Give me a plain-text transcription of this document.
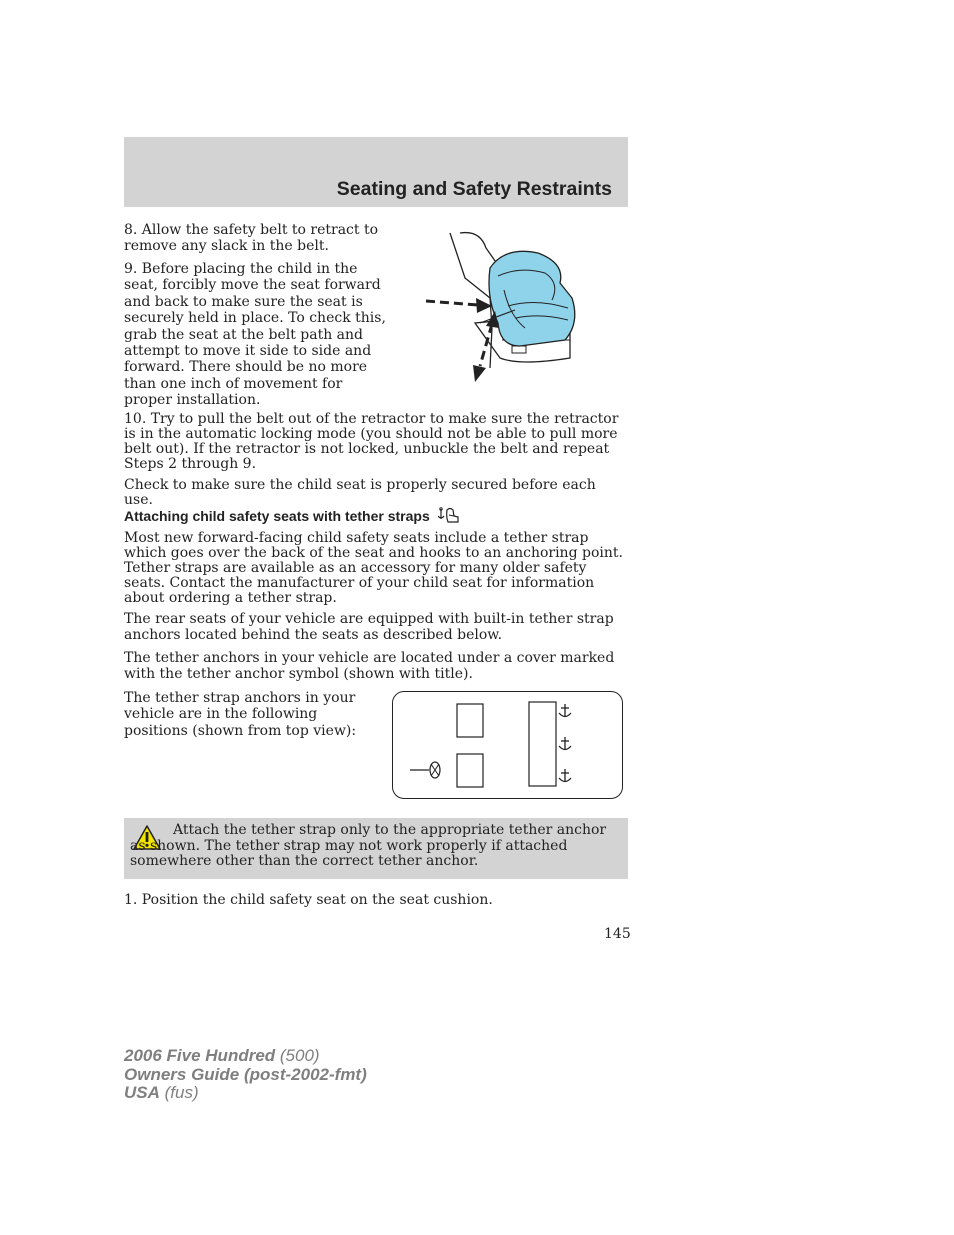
Seating and Safety Restraints

8. Allow the safety belt to retract to remove any slack in the belt.

9. Before placing the child in the seat, forcibly move the seat forward and back to make sure the seat is securely held in place. To check this, grab the seat at the belt path and attempt to move it side to side and forward. There should be no more than one inch of movement for proper installation.

10. Try to pull the belt out of the retractor to make sure the retractor is in the automatic locking mode (you should not be able to pull more belt out). If the retractor is not locked, unbuckle the belt and repeat Steps 2 through 9.

Check to make sure the child seat is properly secured before each use.

Attaching child safety seats with tether straps

Most new forward-facing child safety seats include a tether strap which goes over the back of the seat and hooks to an anchoring point. Tether straps are available as an accessory for many older safety seats. Contact the manufacturer of your child seat for information about ordering a tether strap.

The rear seats of your vehicle are equipped with built-in tether strap anchors located behind the seats as described below.

The tether anchors in your vehicle are located under a cover marked with the tether anchor symbol (shown with title).

The tether strap anchors in your vehicle are in the following positions (shown from top view):

Attach the tether strap only to the appropriate tether anchor as shown. The tether strap may not work properly if attached somewhere other than the correct tether anchor.

1. Position the child safety seat on the seat cushion.

145
2006 Five Hundred (500)
Owners Guide (post-2002-fmt)
USA (fus)
